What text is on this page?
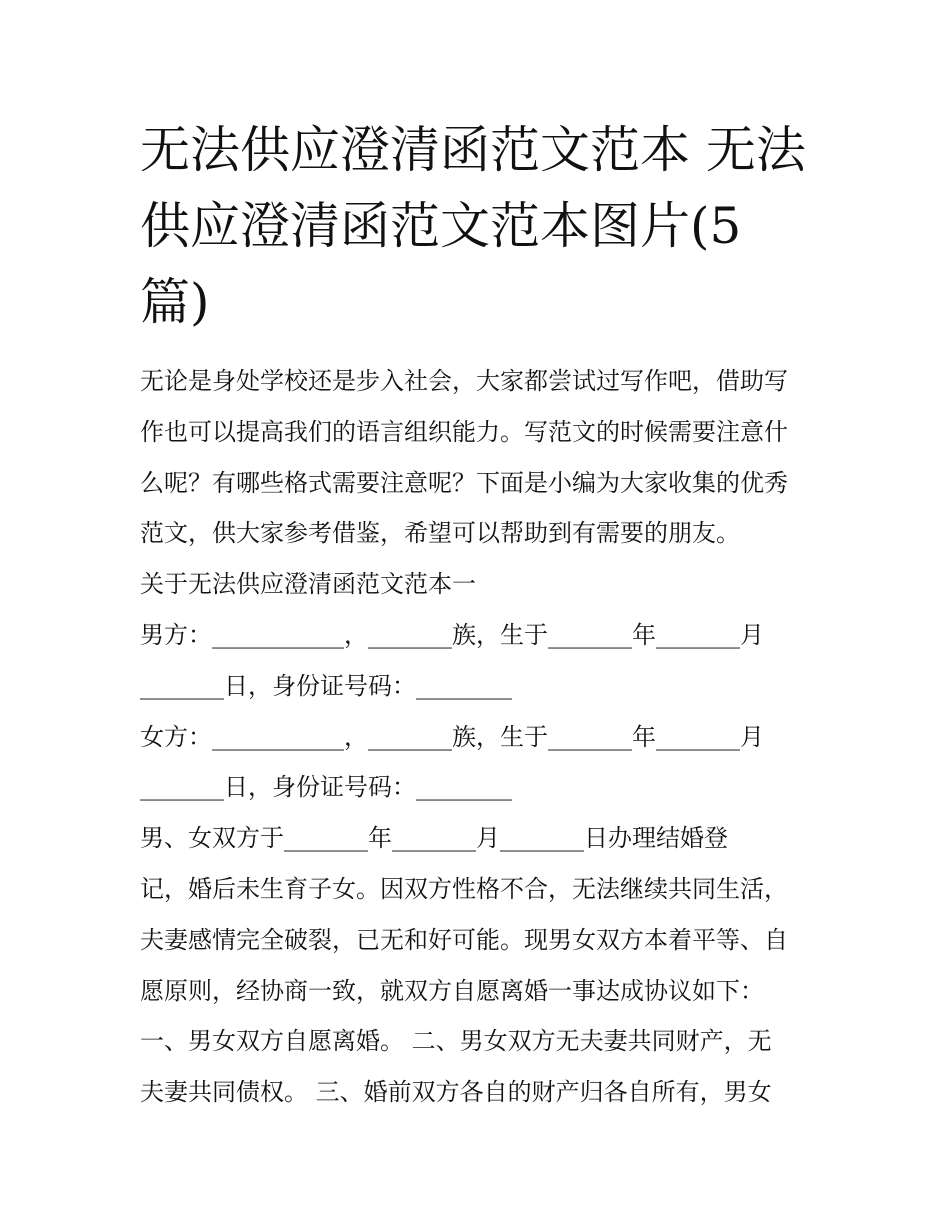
无法供应澄清函范文范本 无法
供应澄清函范文范本图片(5
篇)
无论是身处学校还是步入社会，大家都尝试过写作吧，借助写
作也可以提高我们的语言组织能力。写范文的时候需要注意什
么呢？有哪些格式需要注意呢？下面是小编为大家收集的优秀
范文，供大家参考借鉴，希望可以帮助到有需要的朋友。
关于无法供应澄清函范文范本一
男方：___________，_______族，生于_______年_______月
_______日，身份证号码：________
女方：___________，_______族，生于_______年_______月
_______日，身份证号码：________
男、女双方于_______年_______月_______日办理结婚登
记，婚后未生育子女。因双方性格不合，无法继续共同生活，
夫妻感情完全破裂，已无和好可能。现男女双方本着平等、自
愿原则，经协商一致，就双方自愿离婚一事达成协议如下：
一、男女双方自愿离婚。 二、男女双方无夫妻共同财产，无
夫妻共同债权。 三、婚前双方各自的财产归各自所有，男女
